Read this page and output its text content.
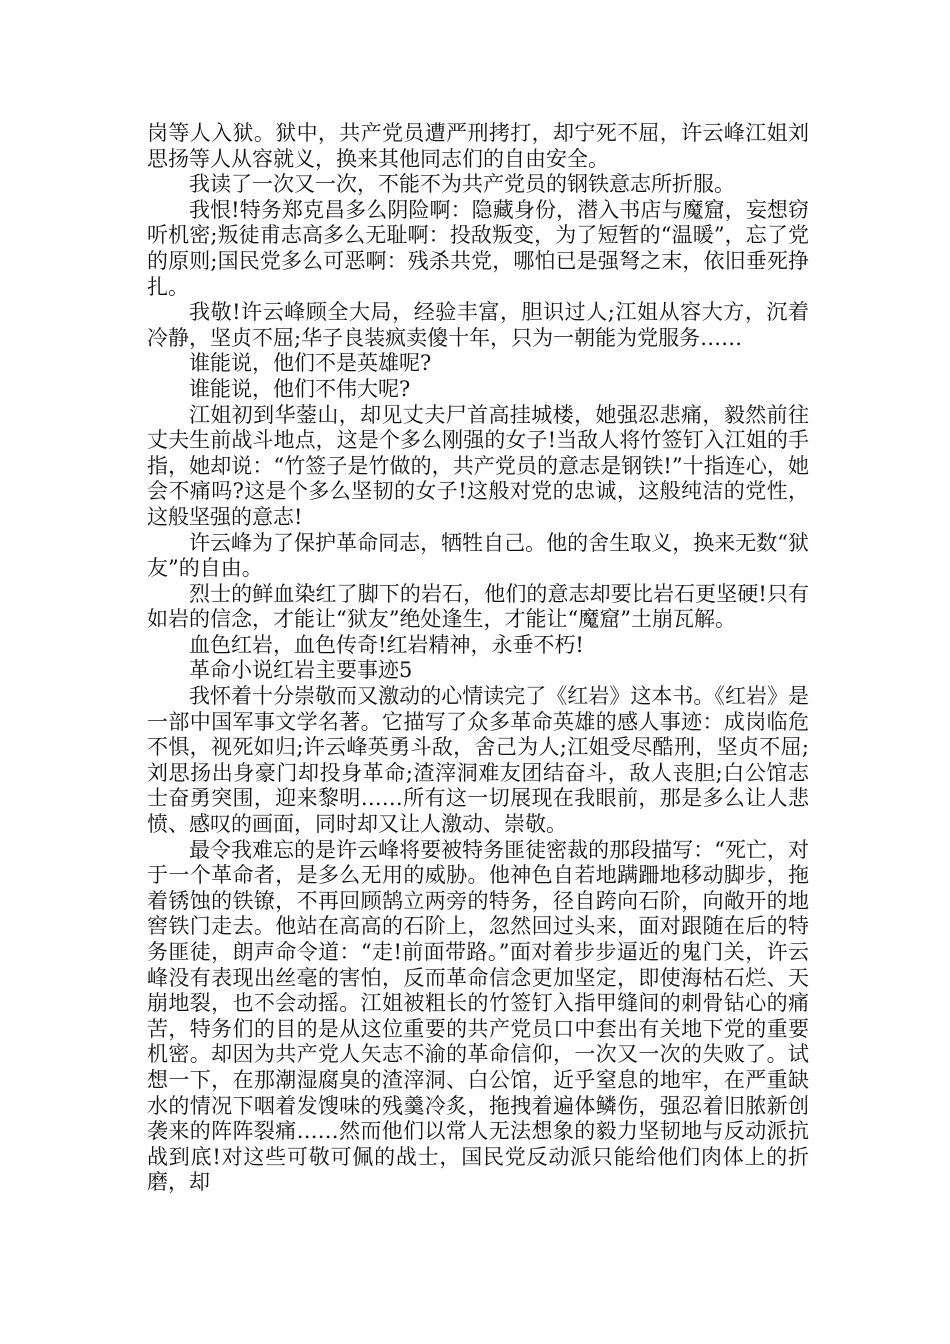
岗等人入狱。狱中，共产党员遭严刑拷打，却宁死不屈，许云峰江姐刘思扬等人从容就义，换来其他同志们的自由安全。

我读了一次又一次，不能不为共产党员的钢铁意志所折服。

我恨!特务郑克昌多么阴险啊：隐藏身份，潜入书店与魔窟，妄想窃听机密;叛徒甫志高多么无耻啊：投敌叛变，为了短暂的“温暖”，忘了党的原则;国民党多么可恶啊：残杀共党，哪怕已是强弩之末，依旧垂死挣扎。

我敬!许云峰顾全大局，经验丰富，胆识过人;江姐从容大方，沉着冷静，坚贞不屈;华子良装疯卖傻十年，只为一朝能为党服务……

谁能说，他们不是英雄呢?

谁能说，他们不伟大呢?

江姐初到华蓥山，却见丈夫尸首高挂城楼，她强忍悲痛，毅然前往丈夫生前战斗地点，这是个多么刚强的女子!当敌人将竹签钉入江姐的手指，她却说：“竹签子是竹做的，共产党员的意志是钢铁!”十指连心，她会不痛吗?这是个多么坚韧的女子!这般对党的忠诚，这般纯洁的党性，这般坚强的意志!

许云峰为了保护革命同志，牺牲自己。他的舍生取义，换来无数“狱友”的自由。

烈士的鲜血染红了脚下的岩石，他们的意志却要比岩石更坚硬!只有如岩的信念，才能让“狱友”绝处逢生，才能让“魔窟”土崩瓦解。

血色红岩，血色传奇!红岩精神，永垂不朽!

革命小说红岩主要事迹5

我怀着十分崇敬而又激动的心情读完了《红岩》这本书。《红岩》是一部中国军事文学名著。它描写了众多革命英雄的感人事迹：成岗临危不惧，视死如归;许云峰英勇斗敌，舍己为人;江姐受尽酷刑，坚贞不屈;刘思扬出身豪门却投身革命;渣滓洞难友团结奋斗，敌人丧胆;白公馆志士奋勇突围，迎来黎明……所有这一切展现在我眼前，那是多么让人悲愤、感叹的画面，同时却又让人激动、崇敬。

最令我难忘的是许云峰将要被特务匪徒密裁的那段描写：“死亡，对于一个革命者，是多么无用的威胁。他神色自若地蹒跚地移动脚步，拖着锈蚀的铁镣，不再回顾鹄立两旁的特务，径自跨向石阶，向敞开的地窖铁门走去。他站在高高的石阶上，忽然回过头来，面对跟随在后的特务匪徒，朗声命令道：“走!前面带路。”面对着步步逼近的鬼门关，许云峰没有表现出丝毫的害怕，反而革命信念更加坚定，即使海枯石烂、天崩地裂，也不会动摇。江姐被粗长的竹签钉入指甲缝间的刺骨钻心的痛苦，特务们的目的是从这位重要的共产党员口中套出有关地下党的重要机密。却因为共产党人矢志不渝的革命信仰，一次又一次的失败了。试想一下，在那潮湿腐臭的渣滓洞、白公馆，近乎窒息的地牢，在严重缺水的情况下咽着发馊味的残羹冷炙，拖拽着遍体鳞伤，强忍着旧脓新创袭来的阵阵裂痛……然而他们以常人无法想象的毅力坚韧地与反动派抗战到底!对这些可敬可佩的战士，国民党反动派只能给他们肉体上的折磨，却
